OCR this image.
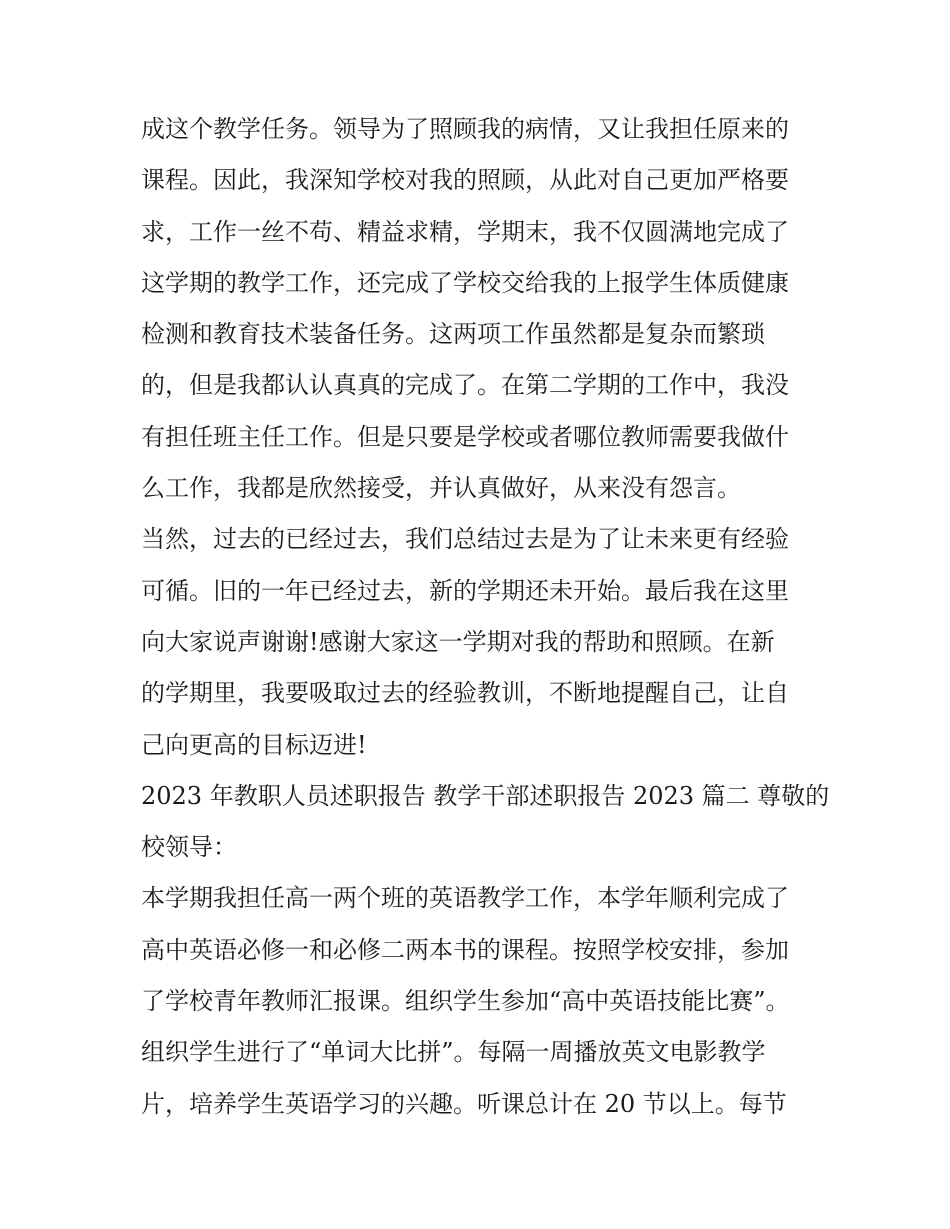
成这个教学任务。领导为了照顾我的病情，又让我担任原来的
课程。因此，我深知学校对我的照顾，从此对自己更加严格要
求，工作一丝不苟、精益求精，学期末，我不仅圆满地完成了
这学期的教学工作，还完成了学校交给我的上报学生体质健康
检测和教育技术装备任务。这两项工作虽然都是复杂而繁琐
的，但是我都认认真真的完成了。在第二学期的工作中，我没
有担任班主任工作。但是只要是学校或者哪位教师需要我做什
么工作，我都是欣然接受，并认真做好，从来没有怨言。
当然，过去的已经过去，我们总结过去是为了让未来更有经验
可循。旧的一年已经过去，新的学期还未开始。最后我在这里
向大家说声谢谢!感谢大家这一学期对我的帮助和照顾。在新
的学期里，我要吸取过去的经验教训，不断地提醒自己，让自
己向更高的目标迈进!
2023 年教职人员述职报告 教学干部述职报告 2023 篇二 尊敬的
校领导：
本学期我担任高一两个班的英语教学工作，本学年顺利完成了
高中英语必修一和必修二两本书的课程。按照学校安排，参加
了学校青年教师汇报课。组织学生参加“高中英语技能比赛”。
组织学生进行了“单词大比拼”。每隔一周播放英文电影教学
片，培养学生英语学习的兴趣。听课总计在 20 节以上。每节
